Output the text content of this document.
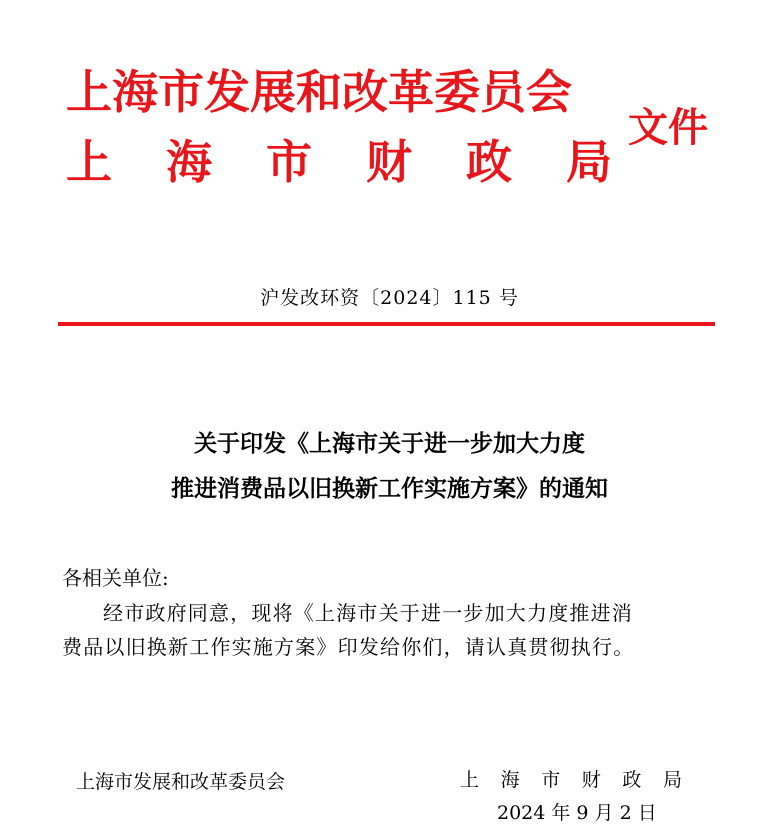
上海市发展和改革委员会
上 海 市 财 政 局
文件
沪发改环资〔2024〕115 号
关于印发《上海市关于进一步加大力度
推进消费品以旧换新工作实施方案》的通知
各相关单位:
经市政府同意，现将《上海市关于进一步加大力度推进消
费品以旧换新工作实施方案》印发给你们，请认真贯彻执行。
上海市发展和改革委员会	上 海 市 财 政 局
2024 年 9 月 2 日
